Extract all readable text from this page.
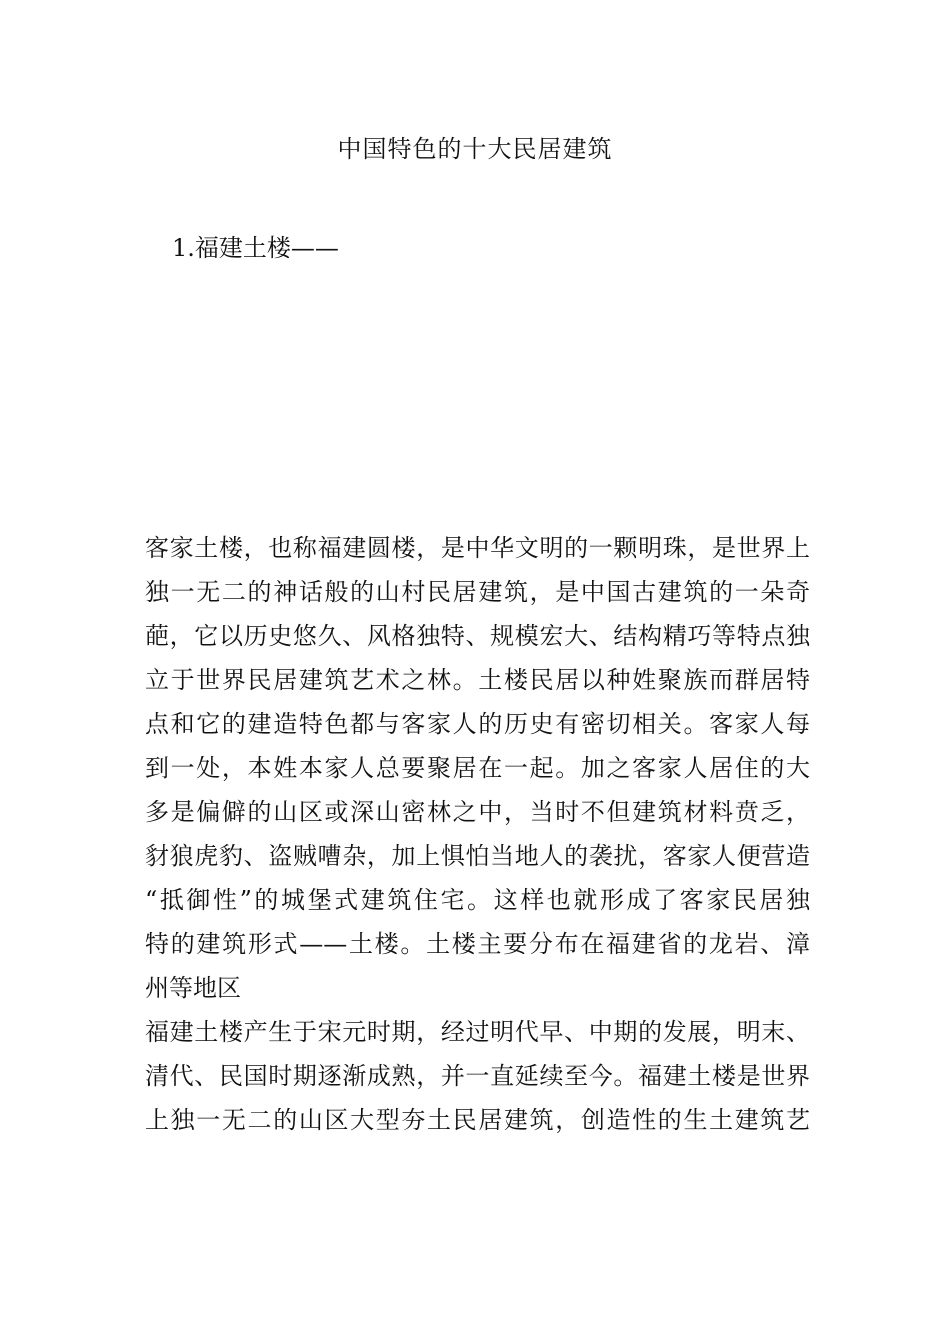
中国特色的十大民居建筑
1.福建土楼——
客家土楼，也称福建圆楼，是中华文明的一颗明珠，是世界上
独一无二的神话般的山村民居建筑，是中国古建筑的一朵奇
葩，它以历史悠久、风格独特、规模宏大、结构精巧等特点独
立于世界民居建筑艺术之林。土楼民居以种姓聚族而群居特
点和它的建造特色都与客家人的历史有密切相关。客家人每
到一处，本姓本家人总要聚居在一起。加之客家人居住的大
多是偏僻的山区或深山密林之中，当时不但建筑材料贲乏，
豺狼虎豹、盗贼嘈杂，加上惧怕当地人的袭扰，客家人便营造
“抵御性”的城堡式建筑住宅。这样也就形成了客家民居独
特的建筑形式——土楼。土楼主要分布在福建省的龙岩、漳
州等地区
福建土楼产生于宋元时期，经过明代早、中期的发展，明末、
清代、民国时期逐渐成熟，并一直延续至今。福建土楼是世界
上独一无二的山区大型夯土民居建筑，创造性的生土建筑艺
